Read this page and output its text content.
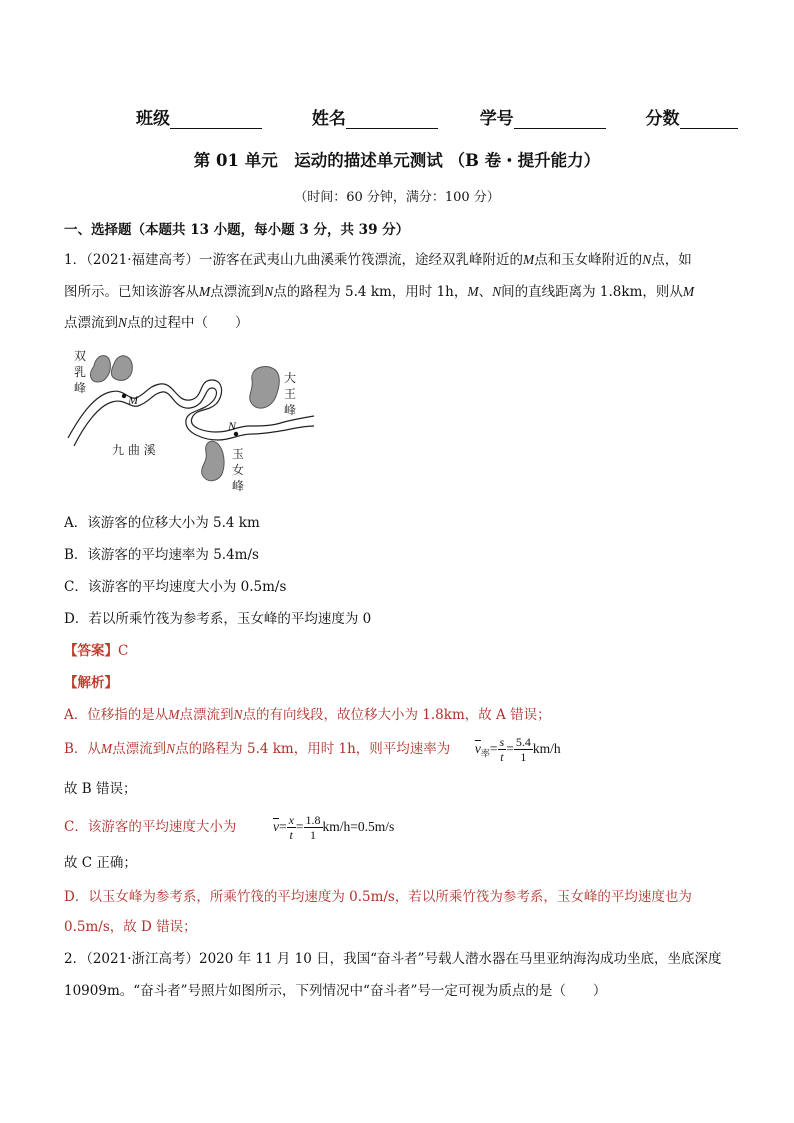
班级	姓名	学号	分数
第 01 单元　运动的描述单元测试 （B 卷・提升能力）
（时间：60 分钟，满分：100 分）
一、选择题（本题共 13 小题，每小题 3 分，共 39 分）
1．（2021·福建高考）一游客在武夷山九曲溪乘竹筏漂流，途经双乳峰附近的M点和玉女峰附近的N点，如
图所示。已知该游客从M点漂流到N点的路程为 5.4 km，用时 1h，M、N间的直线距离为 1.8km，则从M
点漂流到N点的过程中（　　）
双
乳
峰
大
王
峰
玉
女
峰
九 曲 溪
M
N
A．该游客的位移大小为 5.4 km
B．该游客的平均速率为 5.4m/s
C．该游客的平均速度大小为 0.5m/s
D．若以所乘竹筏为参考系，玉女峰的平均速度为 0
【答案】C
【解析】
A．位移指的是从M点漂流到N点的有向线段，故位移大小为 1.8km，故 A 错误；
B．从M点漂流到N点的路程为 5.4 km，用时 1h，则平均速率为 $\overline{v}_率= \frac{s}{t} = \frac{5.4}{1} km/h$
故 B 错误；
C．该游客的平均速度大小为	$\overline{v}= \frac{x}{t} = \frac{1.8}{1} km/h=0.5m/s$
故 C 正确；
D．以玉女峰为参考系，所乘竹筏的平均速度为 0.5m/s，若以所乘竹筏为参考系，玉女峰的平均速度也为
0.5m/s，故 D 错误；
2．（2021·浙江高考）2020 年 11 月 10 日，我国“奋斗者”号载人潜水器在马里亚纳海沟成功坐底，坐底深度
10909m。“奋斗者”号照片如图所示，下列情况中“奋斗者”号一定可视为质点的是（　　）
